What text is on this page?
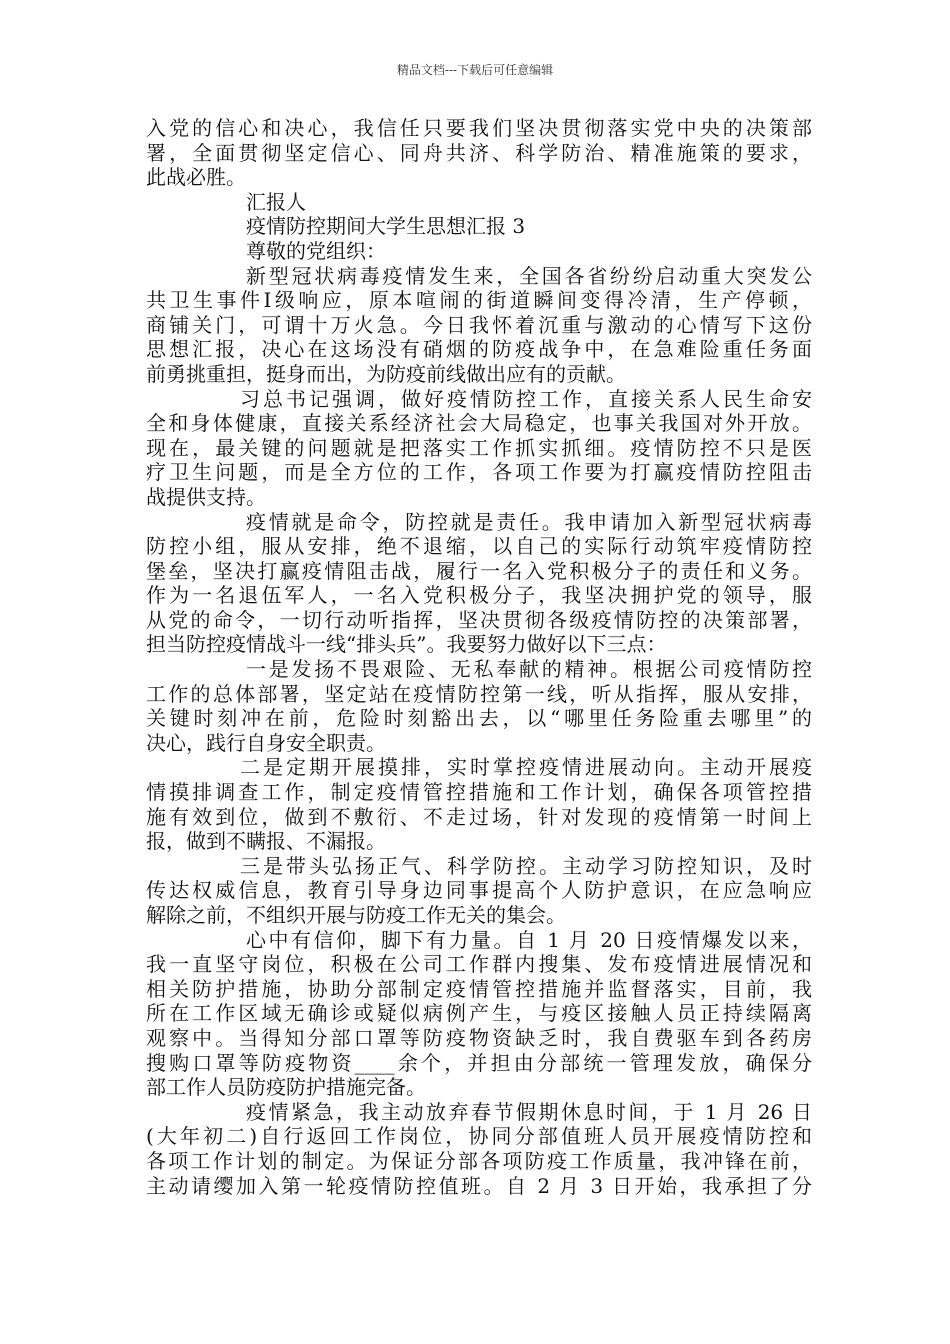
精品文档---下载后可任意编辑
入党的信心和决心，我信任只要我们坚决贯彻落实党中央的决策部
署，全面贯彻坚定信心、同舟共济、科学防治、精准施策的要求，
此战必胜。
汇报人
疫情防控期间大学生思想汇报 3
尊敬的党组织：
新型冠状病毒疫情发生来，全国各省纷纷启动重大突发公
共卫生事件Ⅰ级响应，原本喧闹的街道瞬间变得冷清，生产停顿，
商铺关门，可谓十万火急。今日我怀着沉重与激动的心情写下这份
思想汇报，决心在这场没有硝烟的防疫战争中，在急难险重任务面
前勇挑重担，挺身而出，为防疫前线做出应有的贡献。
习总书记强调，做好疫情防控工作，直接关系人民生命安
全和身体健康，直接关系经济社会大局稳定，也事关我国对外开放。
现在，最关键的问题就是把落实工作抓实抓细。疫情防控不只是医
疗卫生问题，而是全方位的工作，各项工作要为打赢疫情防控阻击
战提供支持。
疫情就是命令，防控就是责任。我申请加入新型冠状病毒
防控小组，服从安排，绝不退缩，以自己的实际行动筑牢疫情防控
堡垒，坚决打赢疫情阻击战，履行一名入党积极分子的责任和义务。
作为一名退伍军人，一名入党积极分子，我坚决拥护党的领导，服
从党的命令，一切行动听指挥，坚决贯彻各级疫情防控的决策部署，
担当防控疫情战斗一线“排头兵”。我要努力做好以下三点：
一是发扬不畏艰险、无私奉献的精神。根据公司疫情防控
工作的总体部署，坚定站在疫情防控第一线，听从指挥，服从安排，
关键时刻冲在前，危险时刻豁出去，以“哪里任务险重去哪里”的
决心，践行自身安全职责。
二是定期开展摸排，实时掌控疫情进展动向。主动开展疫
情摸排调查工作，制定疫情管控措施和工作计划，确保各项管控措
施有效到位，做到不敷衍、不走过场，针对发现的疫情第一时间上
报，做到不瞒报、不漏报。
三是带头弘扬正气、科学防控。主动学习防控知识，及时
传达权威信息，教育引导身边同事提高个人防护意识，在应急响应
解除之前，不组织开展与防疫工作无关的集会。
心中有信仰，脚下有力量。自 1 月 20 日疫情爆发以来，
我一直坚守岗位，积极在公司工作群内搜集、发布疫情进展情况和
相关防护措施，协助分部制定疫情管控措施并监督落实，目前，我
所在工作区域无确诊或疑似病例产生，与疫区接触人员正持续隔离
观察中。当得知分部口罩等防疫物资缺乏时，我自费驱车到各药房
搜购口罩等防疫物资____余个，并担由分部统一管理发放，确保分
部工作人员防疫防护措施完备。
疫情紧急，我主动放弃春节假期休息时间，于 1 月 26 日
(大年初二)自行返回工作岗位，协同分部值班人员开展疫情防控和
各项工作计划的制定。为保证分部各项防疫工作质量，我冲锋在前，
主动请缨加入第一轮疫情防控值班。自 2 月 3 日开始，我承担了分
